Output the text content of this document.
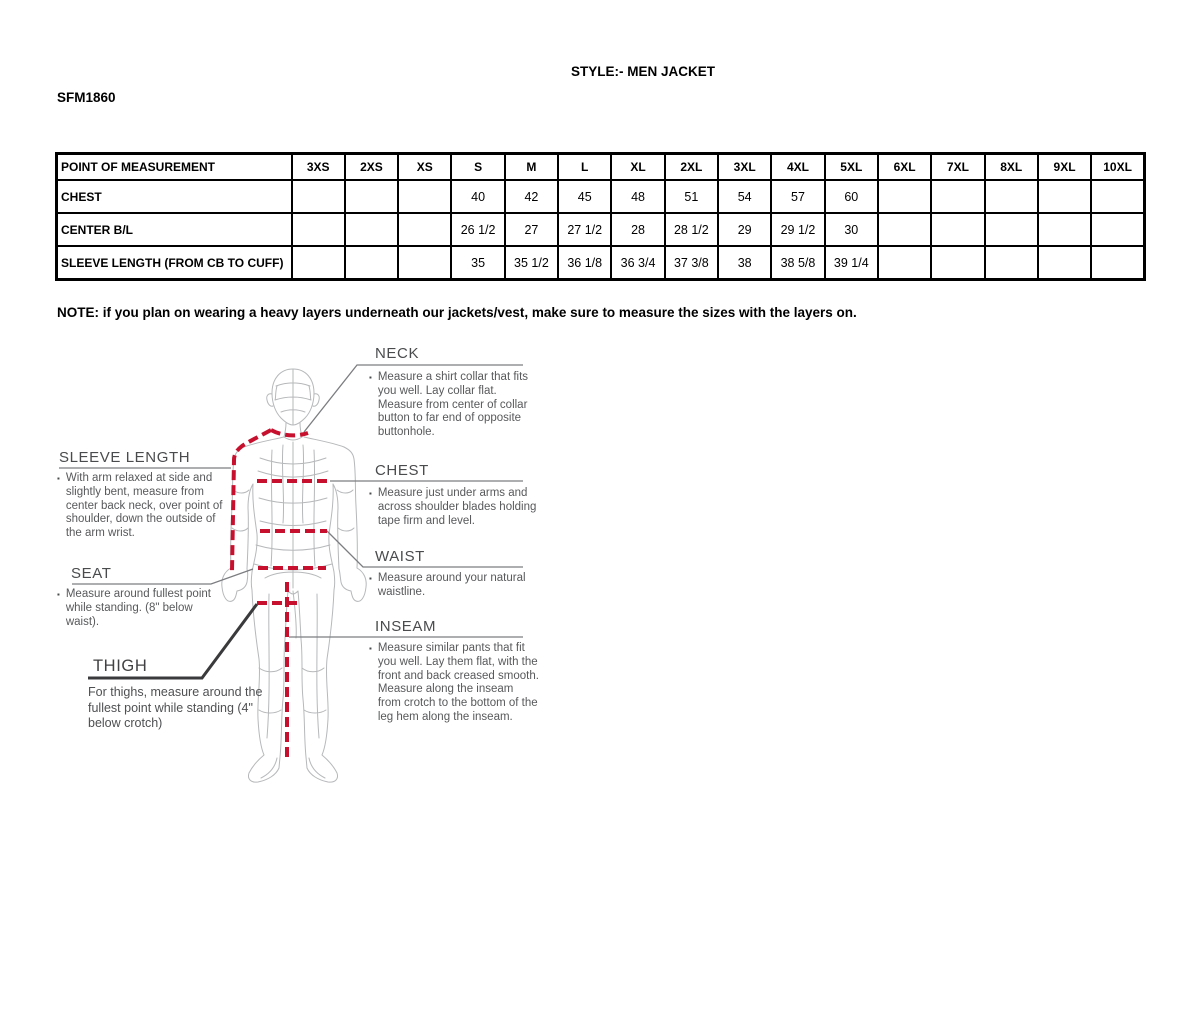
STYLE:- MEN JACKET
SFM1860
POINT OF MEASUREMENT	3XS	2XS	XS	S	M	L	XL	2XL	3XL	4XL	5XL	6XL	7XL	8XL	9XL	10XL
CHEST				40	42	45	48	51	54	57	60					
CENTER B/L				26 1/2	27	27 1/2	28	28 1/2	29	29 1/2	30					
SLEEVE LENGTH (FROM CB TO CUFF)				35	35 1/2	36 1/8	36 3/4	37 3/8	38	38 5/8	39 1/4					
NOTE: if you plan on wearing a heavy layers underneath our jackets/vest, make sure to measure the sizes with the layers on.
NECK
CHEST
WAIST
INSEAM
SLEEVE LENGTH
SEAT
THIGH
▪ Measure a shirt collar that fits you well. Lay collar flat. Measure from center of collar button to far end of opposite buttonhole.
▪ Measure just under arms and across shoulder blades holding tape firm and level.
▪ Measure around your natural waistline.
▪ Measure similar pants that fit you well. Lay them flat, with the front and back creased smooth. Measure along the inseam from crotch to the bottom of the leg hem along the inseam.
▪ With arm relaxed at side and slightly bent, measure from center back neck, over point of shoulder, down the outside of the arm wrist.
▪ Measure around fullest point while standing. (8" below waist).
For thighs, measure around the fullest point while standing (4" below crotch)
